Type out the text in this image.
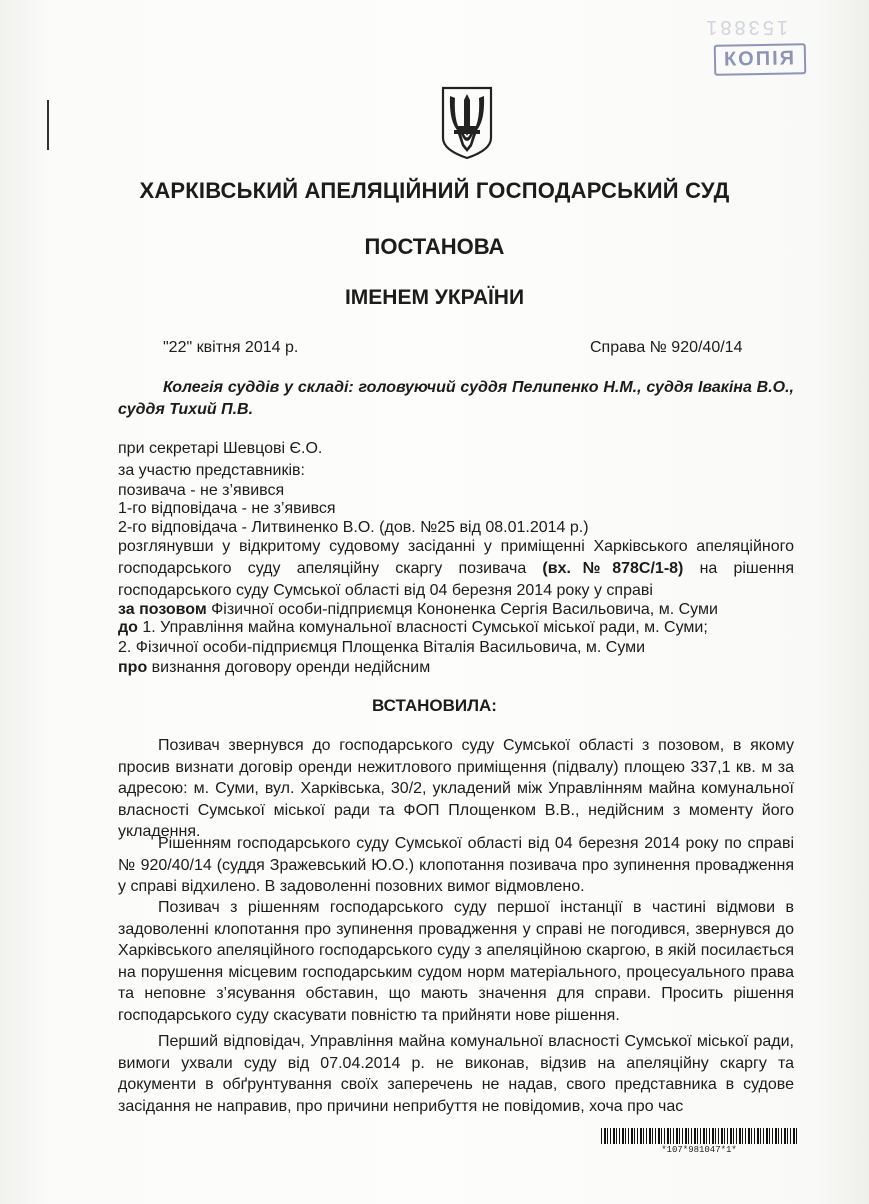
153881
КОПІЯ
ХАРКІВСЬКИЙ АПЕЛЯЦІЙНИЙ ГОСПОДАРСЬКИЙ СУД
ПОСТАНОВА
ІМЕНЕМ УКРАЇНИ
"22" квітня 2014 р.	Справа № 920/40/14
Колегія суддів у складі: головуючий суддя Пелипенко Н.М., суддя Івакіна В.О., суддя Тихий П.В.
при секретарі Шевцові Є.О.
за участю представників:
позивача - не з’явився
1-го відповідача - не з’явився
2-го відповідача - Литвиненко В.О. (дов. №25 від 08.01.2014 р.)
розглянувши у відкритому судовому засіданні у приміщенні Харківського апеляційного господарського суду апеляційну скаргу позивача (вх.№878С/1-8) на рішення господарського суду Сумської області від 04 березня 2014 року у справі
за позовом Фізичної особи-підприємця Кононенка Сергія Васильовича, м. Суми
до 1. Управління майна комунальної власності Сумської міської ради, м. Суми;
2. Фізичної особи-підприємця Площенка Віталія Васильовича, м. Суми
про визнання договору оренди недійсним
ВСТАНОВИЛА:
Позивач звернувся до господарського суду Сумської області з позовом, в якому просив визнати договір оренди нежитлового приміщення (підвалу) площею 337,1 кв. м за адресою: м. Суми, вул. Харківська, 30/2, укладений між Управлінням майна комунальної власності Сумської міської ради та ФОП Площенком В.В., недійсним з моменту його укладення.
Рішенням господарського суду Сумської області від 04 березня 2014 року по справі № 920/40/14 (суддя Зражевський Ю.О.) клопотання позивача про зупинення провадження у справі відхилено. В задоволенні позовних вимог відмовлено.
Позивач з рішенням господарського суду першої інстанції в частині відмови в задоволенні клопотання про зупинення провадження у справі не погодився, звернувся до Харківського апеляційного господарського суду з апеляційною скаргою, в якій посилається на порушення місцевим господарським судом норм матеріального, процесуального права та неповне з’ясування обставин, що мають значення для справи. Просить рішення господарського суду скасувати повністю та прийняти нове рішення.
Перший відповідач, Управління майна комунальної власності Сумської міської ради, вимоги ухвали суду від 07.04.2014 р. не виконав, відзив на апеляційну скаргу та документи в обґрунтування своїх заперечень не надав, свого представника в судове засідання не направив, про причини неприбуття не повідомив, хоча про час
*107*981047*1*
